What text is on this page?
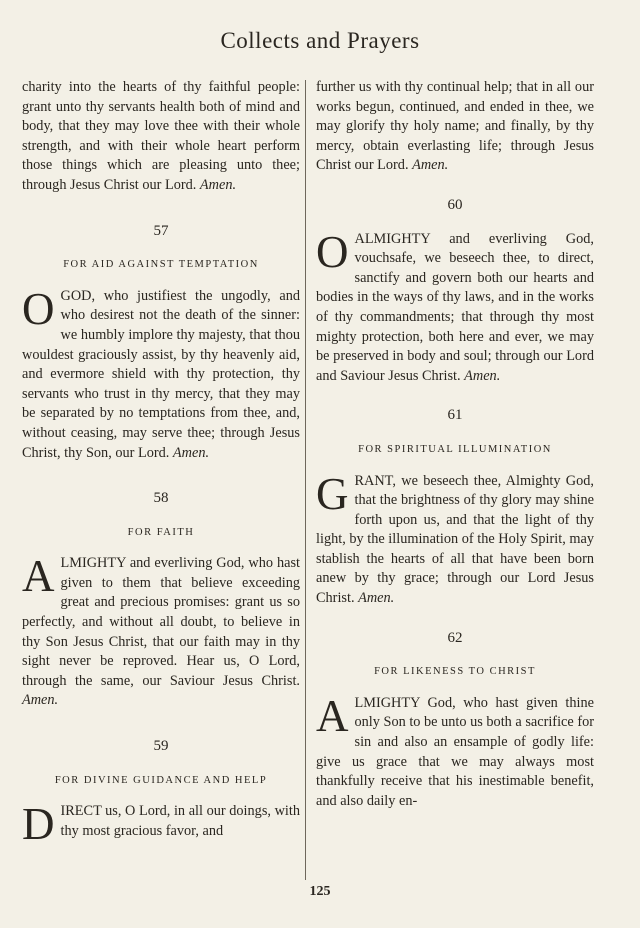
Collects and Prayers

charity into the hearts of thy faithful people: grant unto thy servants health both of mind and body, that they may love thee with their whole strength, and with their whole heart perform those things which are pleasing unto thee; through Jesus Christ our Lord. Amen.

57
FOR AID AGAINST TEMPTATION

OGOD, who justifiest the ungodly, and who desirest not the death of the sinner: we humbly implore thy majesty, that thou wouldest graciously assist, by thy heavenly aid, and evermore shield with thy protection, thy servants who trust in thy mercy, that they may be separated by no temptations from thee, and, without ceasing, may serve thee; through Jesus Christ, thy Son, our Lord. Amen.

58
FOR FAITH

ALMIGHTY and everliving God, who hast given to them that believe exceeding great and precious promises: grant us so perfectly, and without all doubt, to believe in thy Son Jesus Christ, that our faith may in thy sight never be reproved. Hear us, O Lord, through the same, our Saviour Jesus Christ. Amen.

59
FOR DIVINE GUIDANCE AND HELP

DIRECT us, O Lord, in all our doings, with thy most gracious favor, and

further us with thy continual help; that in all our works begun, continued, and ended in thee, we may glorify thy holy name; and finally, by thy mercy, obtain everlasting life; through Jesus Christ our Lord. Amen.

60

OALMIGHTY and everliving God, vouchsafe, we beseech thee, to direct, sanctify and govern both our hearts and bodies in the ways of thy laws, and in the works of thy commandments; that through thy most mighty protection, both here and ever, we may be preserved in body and soul; through our Lord and Saviour Jesus Christ. Amen.

61
FOR SPIRITUAL ILLUMINATION

GRANT, we beseech thee, Almighty God, that the brightness of thy glory may shine forth upon us, and that the light of thy light, by the illumination of the Holy Spirit, may stablish the hearts of all that have been born anew by thy grace; through our Lord Jesus Christ. Amen.

62
FOR LIKENESS TO CHRIST

ALMIGHTY God, who hast given thine only Son to be unto us both a sacrifice for sin and also an ensample of godly life: give us grace that we may always most thankfully receive that his inestimable benefit, and also daily en-

125
